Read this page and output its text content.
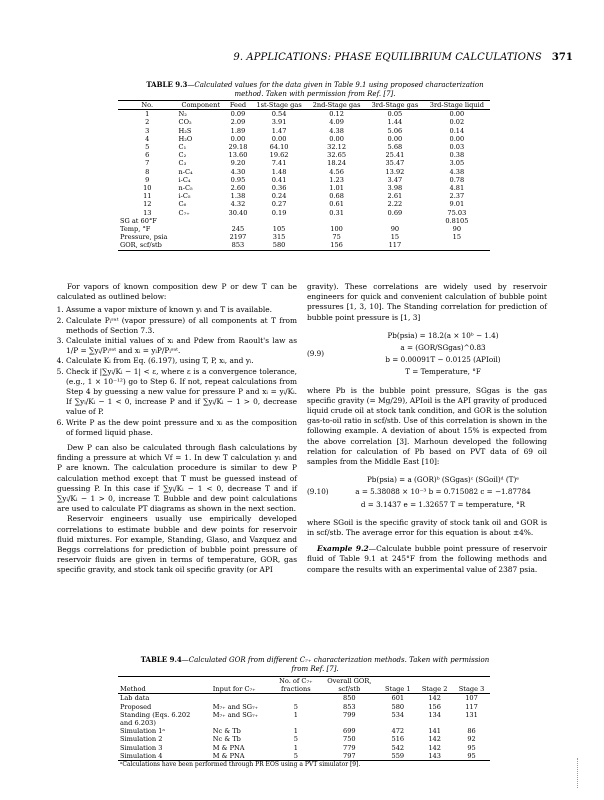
9. APPLICATIONS: PHASE EQUILIBRIUM CALCULATIONS 371
TABLE 9.3—Calculated values for the data given in Table 9.1 using proposed characterization
method. Taken with permission from Ref. [7].
No.	Component	Feed	1st-Stage gas	2nd-Stage gas	3rd-Stage gas	3rd-Stage liquid
1	N₂	0.09	0.54	0.12	0.05	0.00
2	CO₂	2.09	3.91	4.09	1.44	0.02
3	H₂S	1.89	1.47	4.38	5.06	0.14
4	H₂O	0.00	0.00	0.00	0.00	0.00
5	C₁	29.18	64.10	32.12	5.68	0.03
6	C₂	13.60	19.62	32.65	25.41	0.38
7	C₃	9.20	7.41	18.24	35.47	3.05
8	n-C₄	4.30	1.48	4.56	13.92	4.38
9	i-C₄	0.95	0.41	1.23	3.47	0.78
10	n-C₅	2.60	0.36	1.01	3.98	4.81
11	i-C₅	1.38	0.24	0.68	2.61	2.37
12	C₆	4.32	0.27	0.61	2.22	9.01
13	C₇₊	30.40	0.19	0.31	0.69	75.03
SG at 60°F						0.8105
Temp, °F		245	105	100	90	90
Pressure, psia		2197	315	75	15	15
GOR, scf/stb		853	580	156	117	

For vapors of known composition dew P or dew T can be calculated as outlined below:

1. Assume a vapor mixture of known yᵢ and T is available.
2. Calculate Pᵢˢᵃᵗ (vapor pressure) of all components at T from methods of Section 7.3.
3. Calculate initial values of xᵢ and Pdew from Raoult's law as 1/P = ∑yᵢ/Pᵢˢᵃᵗ and xᵢ = yᵢP/Pᵢˢᵃᵗ.
4. Calculate Kᵢ from Eq. (6.197), using T, P, xᵢ, and yᵢ.
5. Check if |∑yᵢ/Kᵢ − 1| < ε, where ε is a convergence tolerance, (e.g., 1 × 10⁻¹²) go to Step 6. If not, repeat calculations from Step 4 by guessing a new value for pressure P and xᵢ = yᵢ/Kᵢ. If ∑yᵢ/Kᵢ − 1 < 0, increase P and if ∑yᵢ/Kᵢ − 1 > 0, decrease value of P.
6. Write P as the dew point pressure and xᵢ as the composition of formed liquid phase.

Dew P can also be calculated through flash calculations by finding a pressure at which Vf = 1. In dew T calculation yᵢ and P are known. The calculation procedure is similar to dew P calculation method except that T must be guessed instead of guessing P. In this case if ∑yᵢ/Kᵢ − 1 < 0, decrease T and if ∑yᵢ/Kᵢ − 1 > 0, increase T. Bubble and dew point calculations are used to calculate PT diagrams as shown in the next section.

Reservoir engineers usually use empirically developed correlations to estimate bubble and dew points for reservoir fluid mixtures. For example, Standing, Glaso, and Vazquez and Beggs correlations for prediction of bubble point pressure of reservoir fluids are given in terms of temperature, GOR, gas specific gravity, and stock tank oil specific gravity (or API

gravity). These correlations are widely used by reservoir engineers for quick and convenient calculation of bubble point pressures [1, 3, 10]. The Standing correlation for prediction of bubble point pressure is [1, 3]

(9.9)
Pb(psia) = 18.2(a × 10ᵇ − 1.4)
a = (GOR/SGgas)^0.83
b = 0.00091T − 0.0125 (APIoil)
T = Temperature, °F

where Pb is the bubble point pressure, SGgas is the gas specific gravity (= Mg/29), APIoil is the API gravity of produced liquid crude oil at stock tank condition, and GOR is the solution gas-to-oil ratio in scf/stb. Use of this correlation is shown in the following example. A deviation of about 15% is expected from the above correlation [3]. Marhoun developed the following relation for calculation of Pb based on PVT data of 69 oil samples from the Middle East [10]:

(9.10)
Pb(psia) = a (GOR)ᵇ (SGgas)ᶜ (SGoil)ᵈ (T)ᵉ
a = 5.38088 × 10⁻³ b = 0.715082 c = −1.87784
d = 3.1437 e = 1.32657 T = temperature, °R

where SGoil is the specific gravity of stock tank oil and GOR is in scf/stb. The average error for this equation is about ±4%.

Example 9.2—Calculate bubble point pressure of reservoir fluid of Table 9.1 at 245°F from the following methods and compare the results with an experimental value of 2387 psia.

TABLE 9.4—Calculated GOR from different C₇₊ characterization methods. Taken with permission
from Ref. [7].
		No. of C₇₊	Overall GOR,			
Method	Input for C₇₊	fractions	scf/stb	Stage 1	Stage 2	Stage 3
Lab data			850	601	142	107
Proposed	M₇₊ and SG₇₊	5	853	580	156	117
Standing (Eqs. 6.202	M₇₊ and SG₇₊	1	799	534	134	131
and 6.203)						
Simulation 1ᵃ	Nc & Tb	1	699	472	141	86
Simulation 2	Nc & Tb	5	750	516	142	92
Simulation 3	M & PNA	1	779	542	142	95
Simulation 4	M & PNA	5	797	559	143	95
ᵃCalculations have been performed through PR EOS using a PVT simulator [9].						
